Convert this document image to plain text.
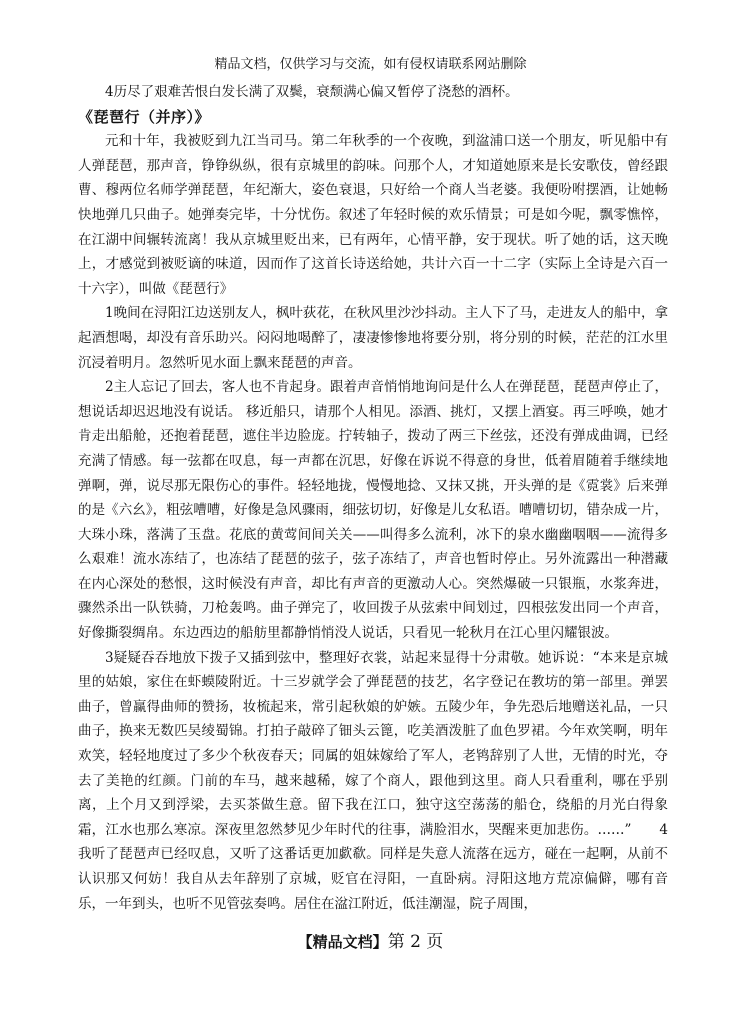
精品文档，仅供学习与交流，如有侵权请联系网站删除

4历尽了艰难苦恨白发长满了双鬓，衰颓满心偏又暂停了浇愁的酒杯。

《琵琶行（并序）》

元和十年，我被贬到九江当司马。第二年秋季的一个夜晚，到湓浦口送一个朋友，听见船中有人弹琵琶，那声音，铮铮纵纵，很有京城里的韵味。问那个人，才知道她原来是长安歌伎，曾经跟曹、穆两位名师学弹琵琶，年纪渐大，姿色衰退，只好给一个商人当老婆。我便吩咐摆酒，让她畅快地弹几只曲子。她弹奏完毕，十分忧伤。叙述了年轻时候的欢乐情景；可是如今呢，飘零憔悴，在江湖中间辗转流离！我从京城里贬出来，已有两年，心情平静，安于现状。听了她的话，这天晚上，才感觉到被贬谪的味道，因而作了这首长诗送给她，共计六百一十二字（实际上全诗是六百一十六字），叫做《琵琶行》

1晚间在浔阳江边送别友人，枫叶荻花，在秋风里沙沙抖动。主人下了马，走进友人的船中，拿起酒想喝，却没有音乐助兴。闷闷地喝醉了，凄凄惨惨地将要分别，将分别的时候，茫茫的江水里沉浸着明月。忽然听见水面上飘来琵琶的声音。

2主人忘记了回去，客人也不肯起身。跟着声音悄悄地询问是什么人在弹琵琶，琵琶声停止了，想说话却迟迟地没有说话。 移近船只，请那个人相见。添酒、挑灯，又摆上酒宴。再三呼唤，她才肯走出船舱，还抱着琵琶，遮住半边脸庞。拧转轴子，拨动了两三下丝弦，还没有弹成曲调，已经充满了情感。每一弦都在叹息，每一声都在沉思，好像在诉说不得意的身世，低着眉随着手继续地弹啊，弹，说尽那无限伤心的事件。轻轻地拢，慢慢地捻、又抹又挑，开头弹的是《霓裳》后来弹的是《六幺》，粗弦嘈嘈，好像是急风骤雨，细弦切切，好像是儿女私语。嘈嘈切切，错杂成一片，大珠小珠，落满了玉盘。花底的黄莺间间关关——叫得多么流利，冰下的泉水幽幽咽咽——流得多么艰难！流水冻结了，也冻结了琵琶的弦子，弦子冻结了，声音也暂时停止。另外流露出一种潜藏在内心深处的愁恨，这时候没有声音，却比有声音的更激动人心。突然爆破一只银瓶，水浆奔进，骤然杀出一队铁骑，刀枪轰鸣。曲子弹完了，收回拨子从弦索中间划过，四根弦发出同一个声音，好像撕裂绸帛。东边西边的船舫里都静悄悄没人说话，只看见一轮秋月在江心里闪耀银波。

3疑疑吞吞地放下拨子又插到弦中，整理好衣裳，站起来显得十分肃敬。她诉说：“本来是京城里的姑娘，家住在虾蟆陵附近。十三岁就学会了弹琵琶的技艺，名字登记在教坊的第一部里。弹罢曲子，曾赢得曲师的赞扬，妆梳起来，常引起秋娘的妒嫉。五陵少年，争先恐后地赠送礼品，一只曲子，换来无数匹吴绫蜀锦。打拍子敲碎了钿头云篦，吃美酒泼脏了血色罗裙。今年欢笑啊，明年欢笑，轻轻地度过了多少个秋夜春天；同属的姐妹嫁给了军人，老鸨辞别了人世，无情的时光，夺去了美艳的红颜。门前的车马，越来越稀，嫁了个商人，跟他到这里。商人只看重利，哪在乎别离，上个月又到浮梁，去买茶做生意。留下我在江口，独守这空荡荡的船仓，绕船的月光白得象霜，江水也那么寒凉。深夜里忽然梦见少年时代的往事，满脸泪水，哭醒来更加悲伤。……” 4我听了琵琶声已经叹息，又听了这番话更加歔欷。同样是失意人流落在远方，碰在一起啊，从前不认识那又何妨！我自从去年辞别了京城，贬官在浔阳，一直卧病。浔阳这地方荒凉偏僻，哪有音乐，一年到头，也听不见管弦奏鸣。居住在湓江附近，低洼潮湿，院子周围，

【精品文档】第 2 页
